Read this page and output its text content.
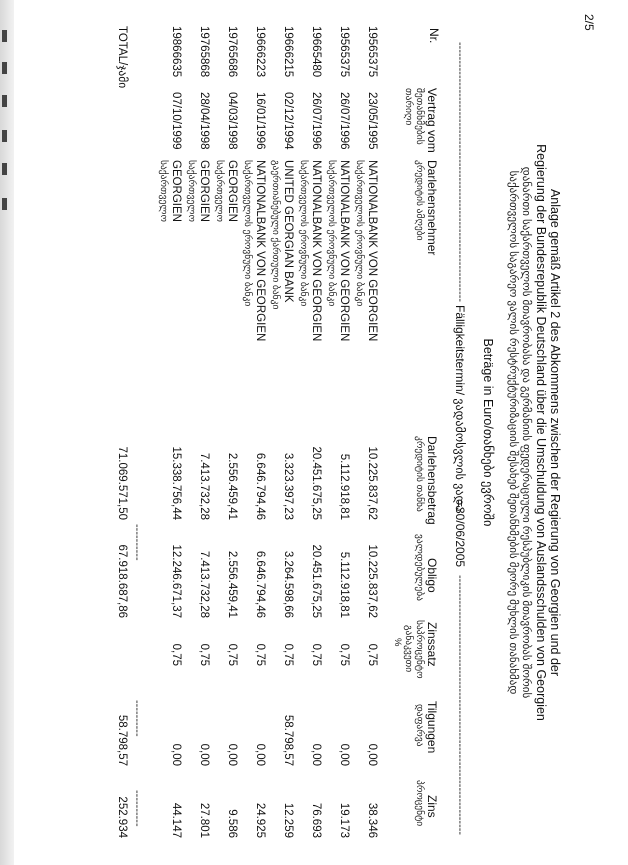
2/5
Anlage gemäß Artikel 2 des Abkommens zwischen der Regierung von Georgien und der
Regierung der Bundesrepublik Deutschland über die Umschuldung von Auslandsschulden von Georgien
დანართი საქართველოს მთავრობასა და გერმანიის ფედერაციული რესპუბლიკის მთავრობას შორის
საქართველოს საგარეო ვალის რესტრუქტურიზაციის შესახებ შეთანხმების მეორე მუხლის თანახმად
Beträge in Euro/თანხები ევროში
-----------------------------------------------------------------------
Fälligkeitstermin/ ვადამოსვლის ვადა
=30/06/2005
-----------------------------------------------------------------------
Nr.
Vertrag vom
შეთანხმების
თარიღი
Darlehensnehmer
კრედიტის ამღები
Darlehensbetrag
კრედიტის თანხა
Obligo
ვალდებულება
Zinssatz
საპროცენტო
განაკვეთი
%
Tilgungen
დაფარვა
Zins
პროცენტი
19565375
23/05/1995
NATIONALBANK VON GEORGIEN
საქართველოს ეროვნული ბანკი
10.225.837,62
10.225.837,62
0,75
0,00
38.346
19565375
26/07/1996
NATIONALBANK VON GEORGIEN
საქართველოს ეროვნული ბანკი
5.112.918,81
5.112.918,81
0,75
0,00
19.173
19665480
26/07/1996
NATIONALBANK VON GEORGIEN
საქართველოს ეროვნული ბანკი
20.451.675,25
20.451.675,25
0,75
0,00
76.693
19666215
02/12/1994
UNITED GEORGIAN BANK
გაერთიანებული ქართული ბანკი
3.323.397,23
3.264.598,66
0,75
58.798,57
12.259
19666223
16/01/1996
NATIONALBANK VON GEORGIEN
საქართველოს ეროვნული ბანკი
6.646.794,46
6.646.794,46
0,75
0,00
24.925
19765686
04/03/1998
GEORGIEN
საქართველო
2.556.459,41
2.556.459,41
0,75
0,00
9.586
19765868
28/04/1998
GEORGIEN
საქართველო
7.413.732,28
7.413.732,28
0,75
0,00
27.801
19866635
07/10/1999
GEORGIEN
საქართველო
15.338.756,44
12.246.671,37
0,75
0,00
44.147
----------
----------
----------
TOTAL/ჯამი
71.069.571,50
67.918.687,86
58.798,57
252.934
